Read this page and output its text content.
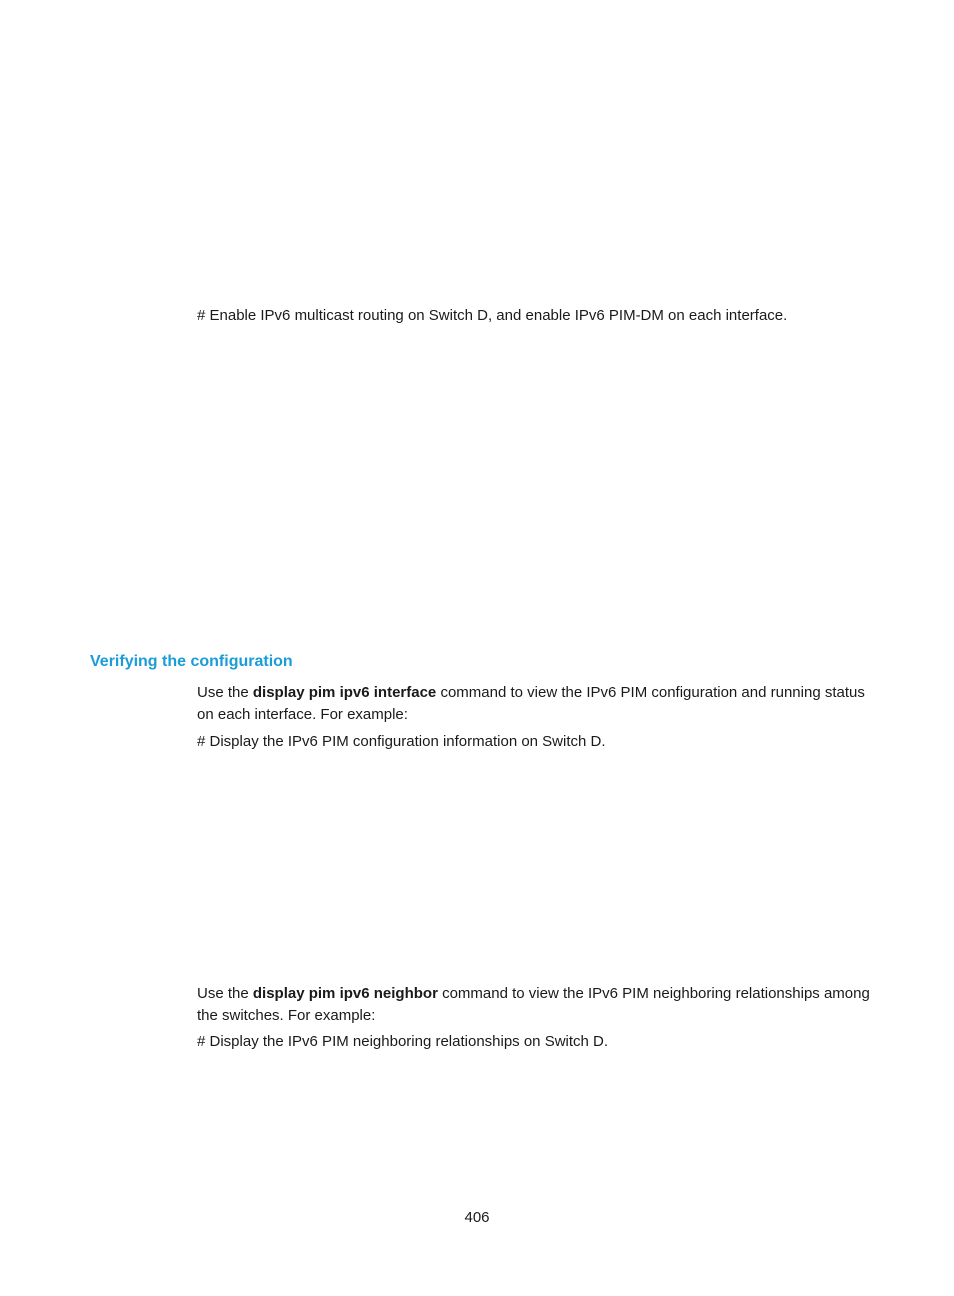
# Enable IPv6 multicast routing on Switch D, and enable IPv6 PIM-DM on each interface.
Verifying the configuration
Use the display pim ipv6 interface command to view the IPv6 PIM configuration and running status on each interface. For example:
# Display the IPv6 PIM configuration information on Switch D.
Use the display pim ipv6 neighbor command to view the IPv6 PIM neighboring relationships among the switches. For example:
# Display the IPv6 PIM neighboring relationships on Switch D.
406
